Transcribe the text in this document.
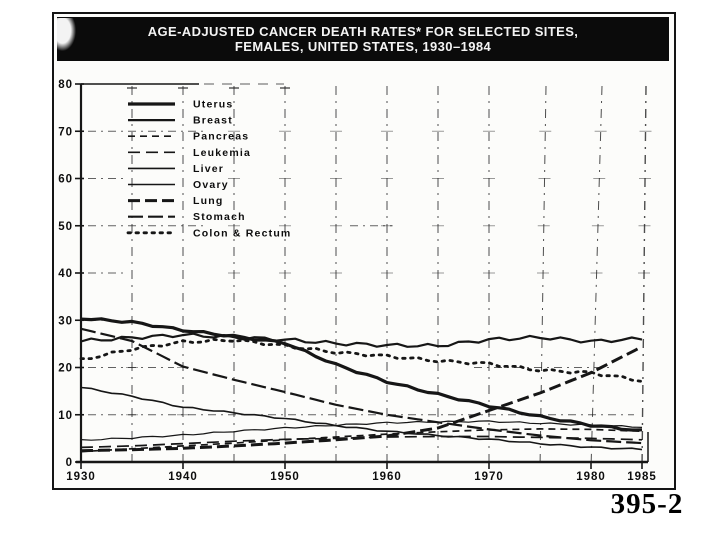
AGE-ADJUSTED CANCER DEATH RATES* FOR SELECTED SITES,
FEMALES, UNITED STATES, 1930–1984
0
10
20
30
40
50
60
70
80
1930	1940	1950	1960	1970	1980 1985
Uterus
Breast
Pancreas
Leukemia
Liver
Ovary
Lung
Stomach
Colon & Rectum
395-2
